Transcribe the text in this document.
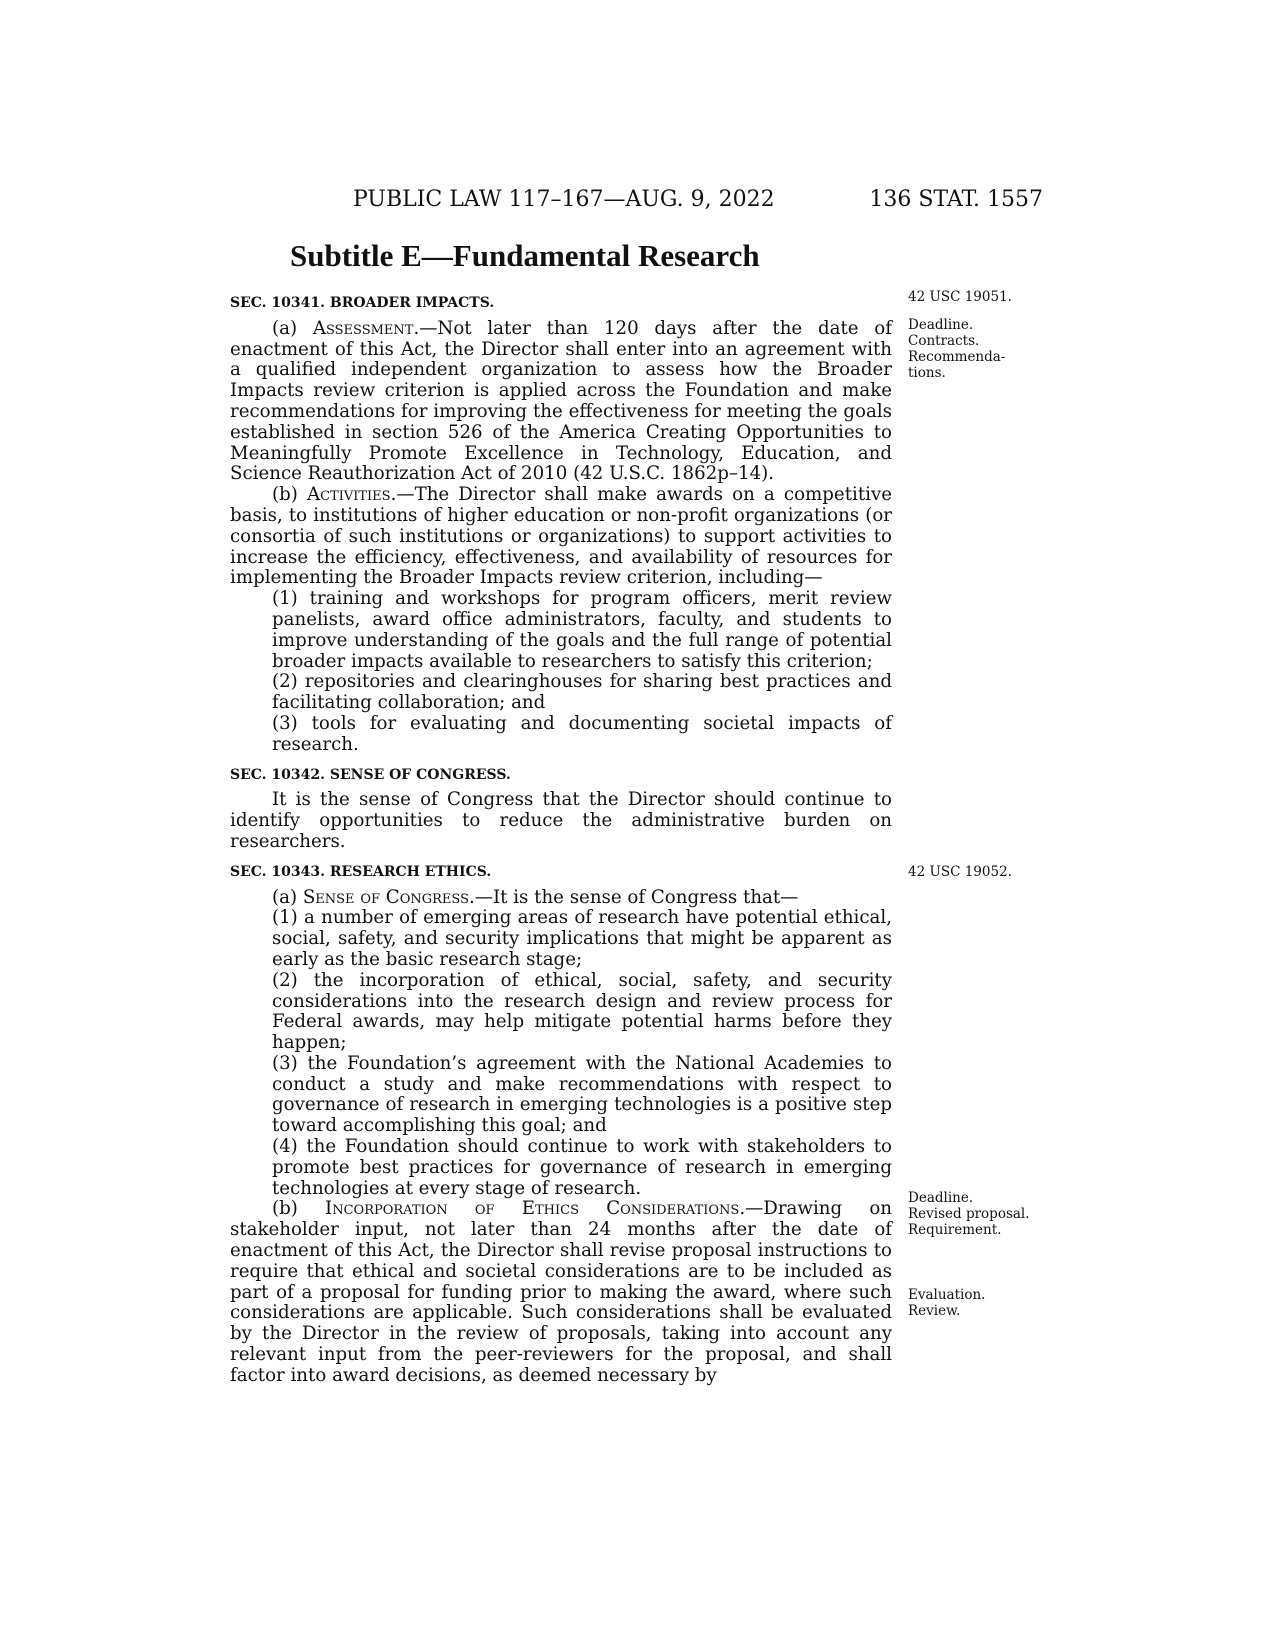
PUBLIC LAW 117–167—AUG. 9, 2022	136 STAT. 1557
Subtitle E—Fundamental Research
SEC. 10341. BROADER IMPACTS.

(a) Assessment.—Not later than 120 days after the date of enactment of this Act, the Director shall enter into an agreement with a qualified independent organization to assess how the Broader Impacts review criterion is applied across the Foundation and make recommendations for improving the effectiveness for meeting the goals established in section 526 of the America Creating Opportunities to Meaningfully Promote Excellence in Technology, Education, and Science Reauthorization Act of 2010 (42 U.S.C. 1862p–14).

(b) Activities.—The Director shall make awards on a competitive basis, to institutions of higher education or non-profit organizations (or consortia of such institutions or organizations) to support activities to increase the efficiency, effectiveness, and availability of resources for implementing the Broader Impacts review criterion, including—

(1) training and workshops for program officers, merit review panelists, award office administrators, faculty, and students to improve understanding of the goals and the full range of potential broader impacts available to researchers to satisfy this criterion;

(2) repositories and clearinghouses for sharing best practices and facilitating collaboration; and

(3) tools for evaluating and documenting societal impacts of research.

SEC. 10342. SENSE OF CONGRESS.

It is the sense of Congress that the Director should continue to identify opportunities to reduce the administrative burden on researchers.

SEC. 10343. RESEARCH ETHICS.

(a) Sense of Congress.—It is the sense of Congress that—

(1) a number of emerging areas of research have potential ethical, social, safety, and security implications that might be apparent as early as the basic research stage;

(2) the incorporation of ethical, social, safety, and security considerations into the research design and review process for Federal awards, may help mitigate potential harms before they happen;

(3) the Foundation’s agreement with the National Academies to conduct a study and make recommendations with respect to governance of research in emerging technologies is a positive step toward accomplishing this goal; and

(4) the Foundation should continue to work with stakeholders to promote best practices for governance of research in emerging technologies at every stage of research.

(b) Incorporation of Ethics Considerations.—Drawing on stakeholder input, not later than 24 months after the date of enactment of this Act, the Director shall revise proposal instructions to require that ethical and societal considerations are to be included as part of a proposal for funding prior to making the award, where such considerations are applicable. Such considerations shall be evaluated by the Director in the review of proposals, taking into account any relevant input from the peer-reviewers for the proposal, and shall factor into award decisions, as deemed necessary by

42 USC 19051.
Deadline.
Contracts.
Recommenda-
tions.
42 USC 19052.
Deadline.
Revised proposal.
Requirement.
Evaluation.
Review.
